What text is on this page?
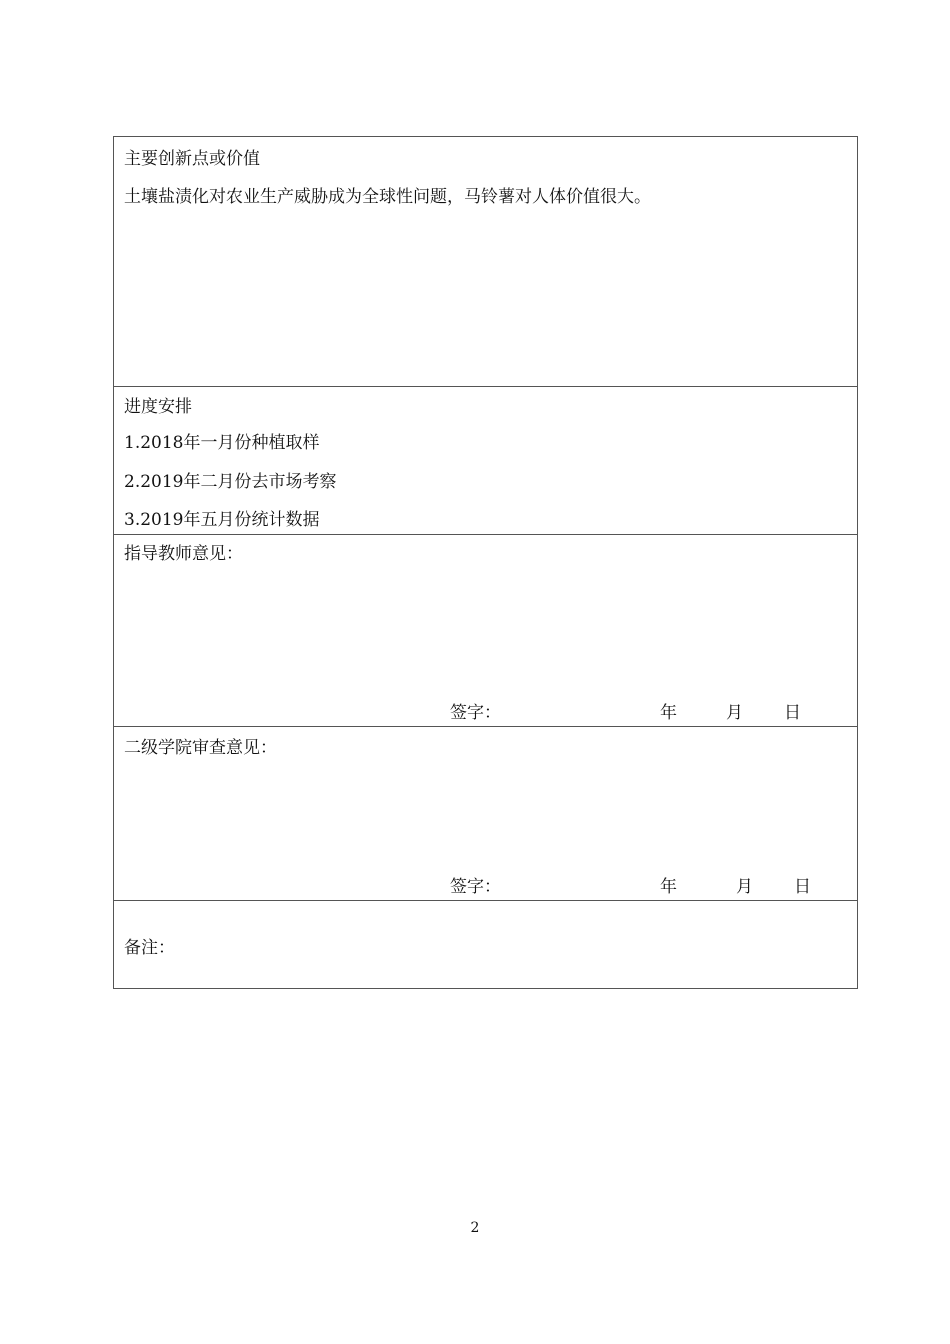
主要创新点或价值
土壤盐渍化对农业生产威胁成为全球性问题，马铃薯对人体价值很大。
进度安排
1.2018年一月份种植取样
2.2019年二月份去市场考察
3.2019年五月份统计数据
指导教师意见：
签字：	年	月 日
二级学院审查意见：
签字：	年	月 日
备注：
2
